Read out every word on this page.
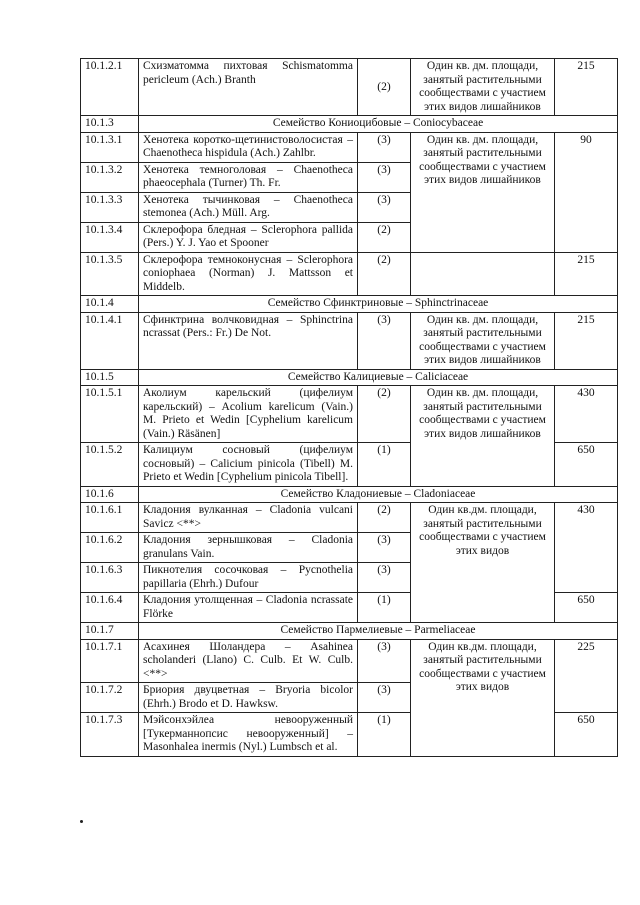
10.1.2.1	Схизматомма пихтовая Schismatomma pericleum (Ach.) Branth	(2)	Один кв. дм. площади, занятый растительными сообществами с участием этих видов лишайников	215
10.1.3	Семейство Кониоцибовые – Coniocybaceae			
10.1.3.1	Хенотека коротко-щетинистоволосистая – Chaenotheca hispidula (Ach.) Zahlbr.	(3)	Один кв. дм. площади, занятый растительными сообществами с участием этих видов лишайников	90
10.1.3.2	Хенотека темноголовая – Chaenotheca phaeocephala (Turner) Th. Fr.	(3)		
10.1.3.3	Хенотека тычинковая – Chaenotheca stemonea (Ach.) Müll. Arg.	(3)		
10.1.3.4	Склерофора бледная – Sclerophora pallida (Pers.) Y. J. Yao et Spooner	(2)		
10.1.3.5	Склерофора темноконусная – Sclerophora coniophaea (Norman) J. Mattsson et Middelb.	(2)		215
10.1.4	Семейство Сфинктриновые – Sphinctrinaceae			
10.1.4.1	Сфинктрина волчковидная – Sphinctrina ncrassat (Pers.: Fr.) De Not.	(3)	Один кв. дм. площади, занятый растительными сообществами с участием этих видов лишайников	215
10.1.5	Семейство Калициевые – Caliciaceae			
10.1.5.1	Аколиум карельский (цифелиум карельский) – Acolium karelicum (Vain.) M. Prieto et Wedin [Cyphelium karelicum (Vain.) Räsänen]	(2)	Один кв. дм. площади, занятый растительными сообществами с участием этих видов лишайников	430
10.1.5.2	Калициум сосновый (цифелиум сосновый) – Calicium pinicola (Tibell) M. Prieto et Wedin [Cyphelium pinicola Tibell].	(1)		650
10.1.6	Семейство Кладониевые – Cladoniaceae			
10.1.6.1	Кладония вулканная – Cladonia vulcani Savicz <**>	(2)	Один кв.дм. площади, занятый растительными сообществами с участием этих видов	430
10.1.6.2	Кладония зернышковая – Cladonia granulans Vain.	(3)		
10.1.6.3	Пикнотелия сосочковая – Pycnothelia papillaria (Ehrh.) Dufour	(3)		
10.1.6.4	Кладония утолщенная – Cladonia ncrassate Flörke	(1)		650
10.1.7	Семейство Пармелиевые – Parmeliaceae			
10.1.7.1	Асахинея Шоландера – Asahinea scholanderi (Llano) C. Culb. Et W. Culb. <**>	(3)	Один кв.дм. площади, занятый растительными сообществами с участием этих видов	225
10.1.7.2	Бриория двуцветная – Bryoria bicolor (Ehrh.) Brodo et D. Hawksw.	(3)		
10.1.7.3	Мэйсонхэйлеа невооруженный [Тукерманнопсис невооруженный] – Masonhalea inermis (Nyl.) Lumbsch et al.	(1)		650
